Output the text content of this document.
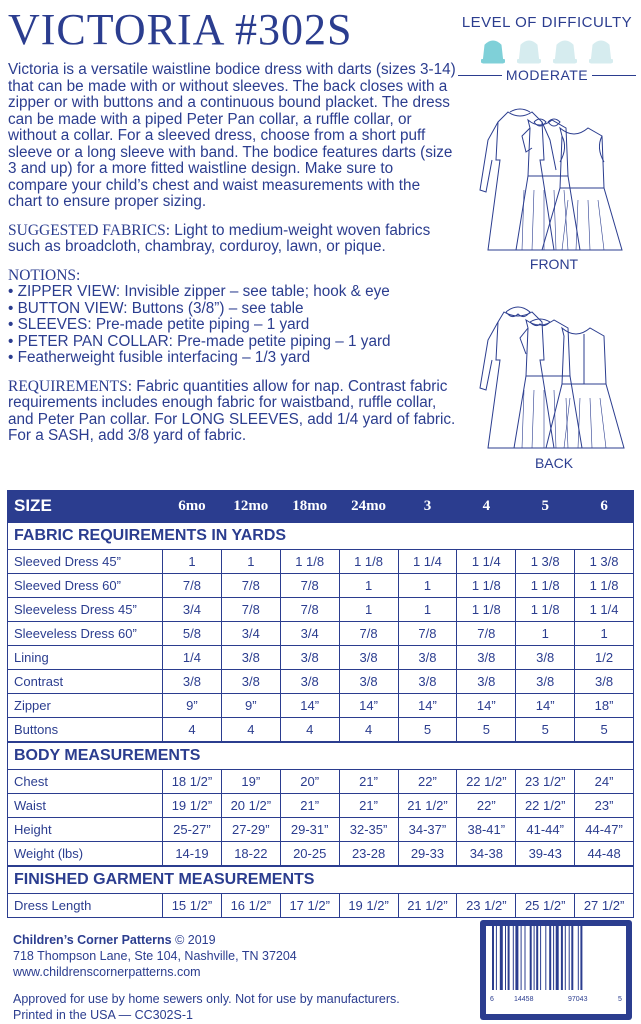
VICTORIA #302S	LEVEL OF DIFFICULTY
MODERATE

Victoria is a versatile waistline bodice dress with darts (sizes 3-14) that can be made with or without sleeves. The back closes with a zipper or with buttons and a continuous bound placket. The dress can be made with a piped Peter Pan collar, a ruffle collar, or without a collar. For a sleeved dress, choose from a short puff sleeve or a long sleeve with band. The bodice features darts (size 3 and up) for a more fitted waistline design. Make sure to compare your child’s chest and waist measurements with the chart to ensure proper sizing.

SUGGESTED FABRICS: Light to medium-weight woven fabrics such as broadcloth, chambray, corduroy, lawn, or pique.

NOTIONS:
• ZIPPER VIEW: Invisible zipper – see table; hook & eye
• BUTTON VIEW: Buttons (3/8”) – see table
• SLEEVES: Pre-made petite piping – 1 yard
• PETER PAN COLLAR: Pre-made petite piping – 1 yard
• Featherweight fusible interfacing – 1/3 yard

REQUIREMENTS: Fabric quantities allow for nap. Contrast fabric requirements includes enough fabric for waistband, ruffle collar, and Peter Pan collar. For LONG SLEEVES, add 1/4 yard of fabric. For a SASH, add 3/8 yard of fabric.

FRONT
BACK
SIZE	6mo	12mo	18mo	24mo	3	4	5	6
FABRIC REQUIREMENTS IN YARDS								
Sleeved Dress 45”	1	1	1 1/8	1 1/8	1 1/4	1 1/4	1 3/8	1 3/8
Sleeved Dress 60”	7/8	7/8	7/8	1	1	1 1/8	1 1/8	1 1/8
Sleeveless Dress 45”	3/4	7/8	7/8	1	1	1 1/8	1 1/8	1 1/4
Sleeveless Dress 60”	5/8	3/4	3/4	7/8	7/8	7/8	1	1
Lining	1/4	3/8	3/8	3/8	3/8	3/8	3/8	1/2
Contrast	3/8	3/8	3/8	3/8	3/8	3/8	3/8	3/8
Zipper	9”	9”	14”	14”	14”	14”	14”	18”
Buttons	4	4	4	4	5	5	5	5
BODY MEASUREMENTS								
Chest	18 1/2”	19”	20”	21”	22”	22 1/2”	23 1/2”	24”
Waist	19 1/2”	20 1/2”	21”	21”	21 1/2”	22”	22 1/2”	23”
Height	25-27”	27-29”	29-31”	32-35”	34-37”	38-41”	41-44”	44-47”
Weight (lbs)	14-19	18-22	20-25	23-28	29-33	34-38	39-43	44-48
FINISHED GARMENT MEASUREMENTS								
Dress Length	15 1/2”	16 1/2”	17 1/2”	19 1/2”	21 1/2”	23 1/2”	25 1/2”	27 1/2”
Children’s Corner Patterns © 2019
718 Thompson Lane, Ste 104, Nashville, TN 37204
www.childrenscornerpatterns.com
Approved for use by home sewers only. Not for use by manufacturers.
Printed in the USA — CC302S-1
6	14458	97043	5
